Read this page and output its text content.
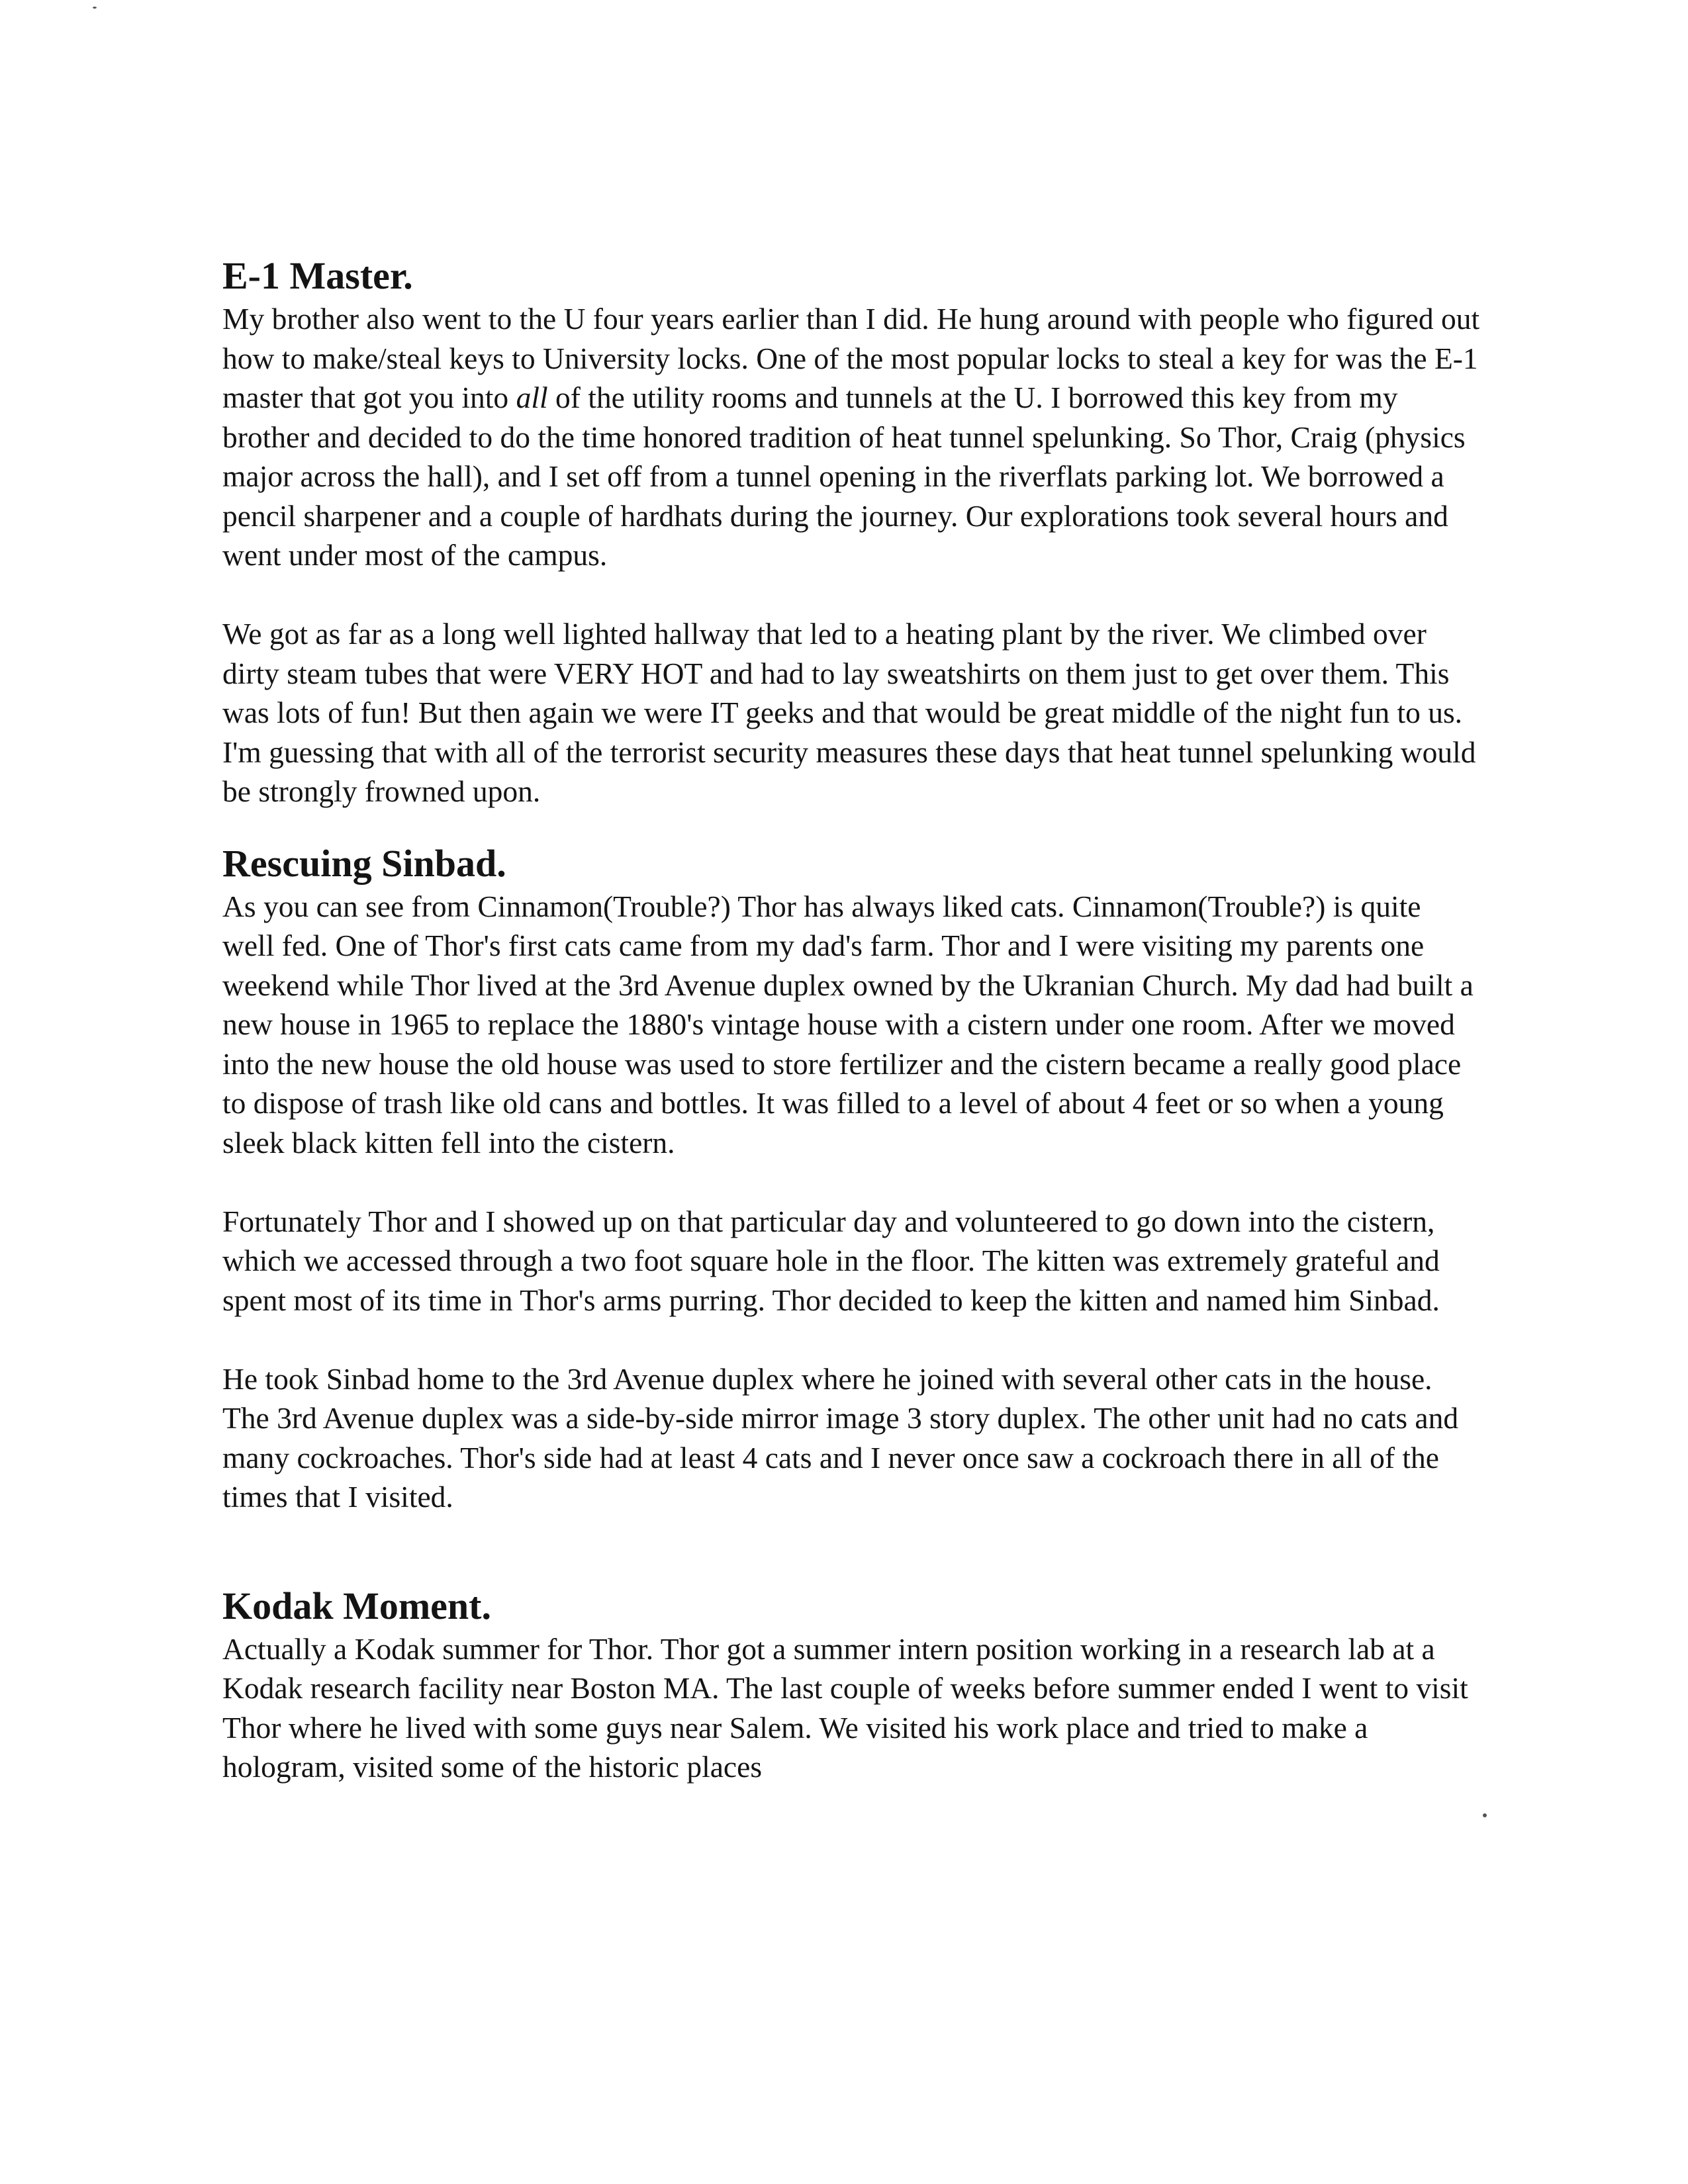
E-1 Master.

My brother also went to the U four years earlier than I did. He hung around with people who figured out how to make/steal keys to University locks. One of the most popular locks to steal a key for was the E-1 master that got you into all of the utility rooms and tunnels at the U. I borrowed this key from my brother and decided to do the time honored tradition of heat tunnel spelunking. So Thor, Craig (physics major across the hall), and I set off from a tunnel opening in the riverflats parking lot. We borrowed a pencil sharpener and a couple of hardhats during the journey. Our explorations took several hours and went under most of the campus.

We got as far as a long well lighted hallway that led to a heating plant by the river. We climbed over dirty steam tubes that were VERY HOT and had to lay sweatshirts on them just to get over them. This was lots of fun! But then again we were IT geeks and that would be great middle of the night fun to us. I'm guessing that with all of the terrorist security measures these days that heat tunnel spelunking would be strongly frowned upon.

Rescuing Sinbad.

As you can see from Cinnamon(Trouble?) Thor has always liked cats. Cinnamon(Trouble?) is quite well fed. One of Thor's first cats came from my dad's farm. Thor and I were visiting my parents one weekend while Thor lived at the 3rd Avenue duplex owned by the Ukranian Church. My dad had built a new house in 1965 to replace the 1880's vintage house with a cistern under one room. After we moved into the new house the old house was used to store fertilizer and the cistern became a really good place to dispose of trash like old cans and bottles. It was filled to a level of about 4 feet or so when a young sleek black kitten fell into the cistern.

Fortunately Thor and I showed up on that particular day and volunteered to go down into the cistern, which we accessed through a two foot square hole in the floor. The kitten was extremely grateful and spent most of its time in Thor's arms purring. Thor decided to keep the kitten and named him Sinbad.

He took Sinbad home to the 3rd Avenue duplex where he joined with several other cats in the house. The 3rd Avenue duplex was a side-by-side mirror image 3 story duplex. The other unit had no cats and many cockroaches. Thor's side had at least 4 cats and I never once saw a cockroach there in all of the times that I visited.

Kodak Moment.

Actually a Kodak summer for Thor. Thor got a summer intern position working in a research lab at a Kodak research facility near Boston MA. The last couple of weeks before summer ended I went to visit Thor where he lived with some guys near Salem. We visited his work place and tried to make a hologram, visited some of the historic places
